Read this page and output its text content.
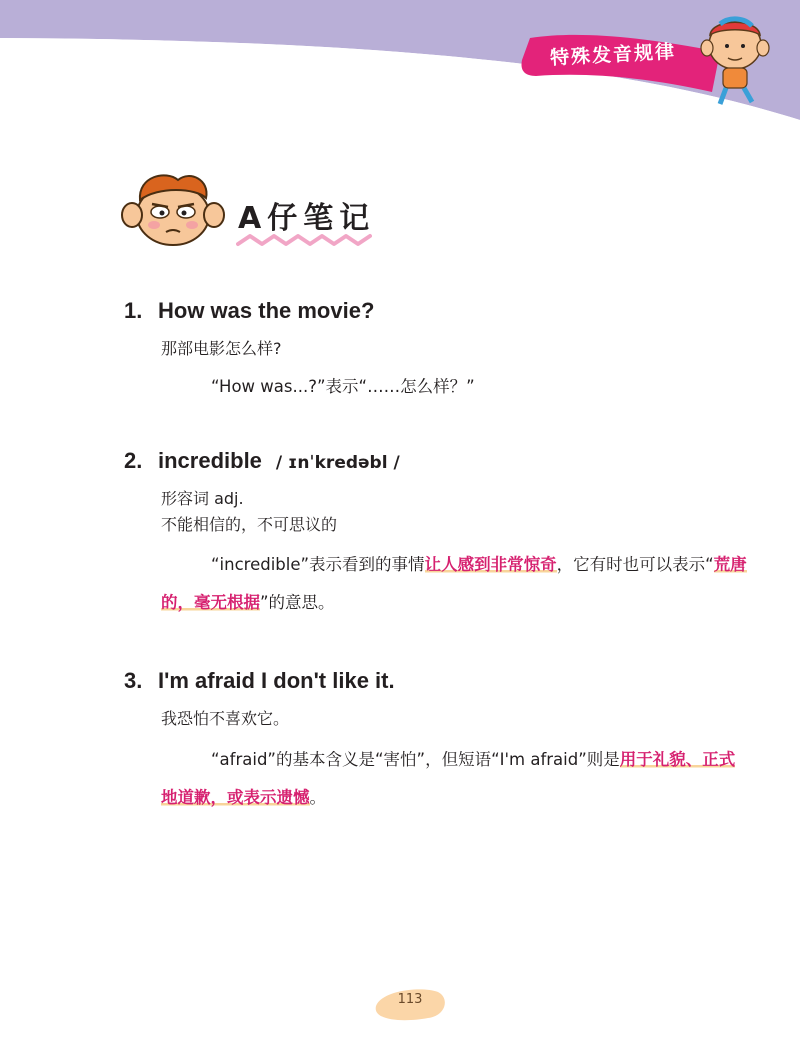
特殊发音规律
A仔笔记
1. How was the movie?
那部电影怎么样?
“How was...?”表示“……怎么样？”
2. incredible / ɪnˈkredəbl /
形容词 adj.
不能相信的，不可思议的
“incredible”表示看到的事情让人感到非常惊奇，它有时也可以表示“荒唐的，毫无根据”的意思。
3. I'm afraid I don't like it.
我恐怕不喜欢它。
“afraid”的基本含义是“害怕”，但短语“I'm afraid”则是用于礼貌、正式地道歉，或表示遗憾。
113
